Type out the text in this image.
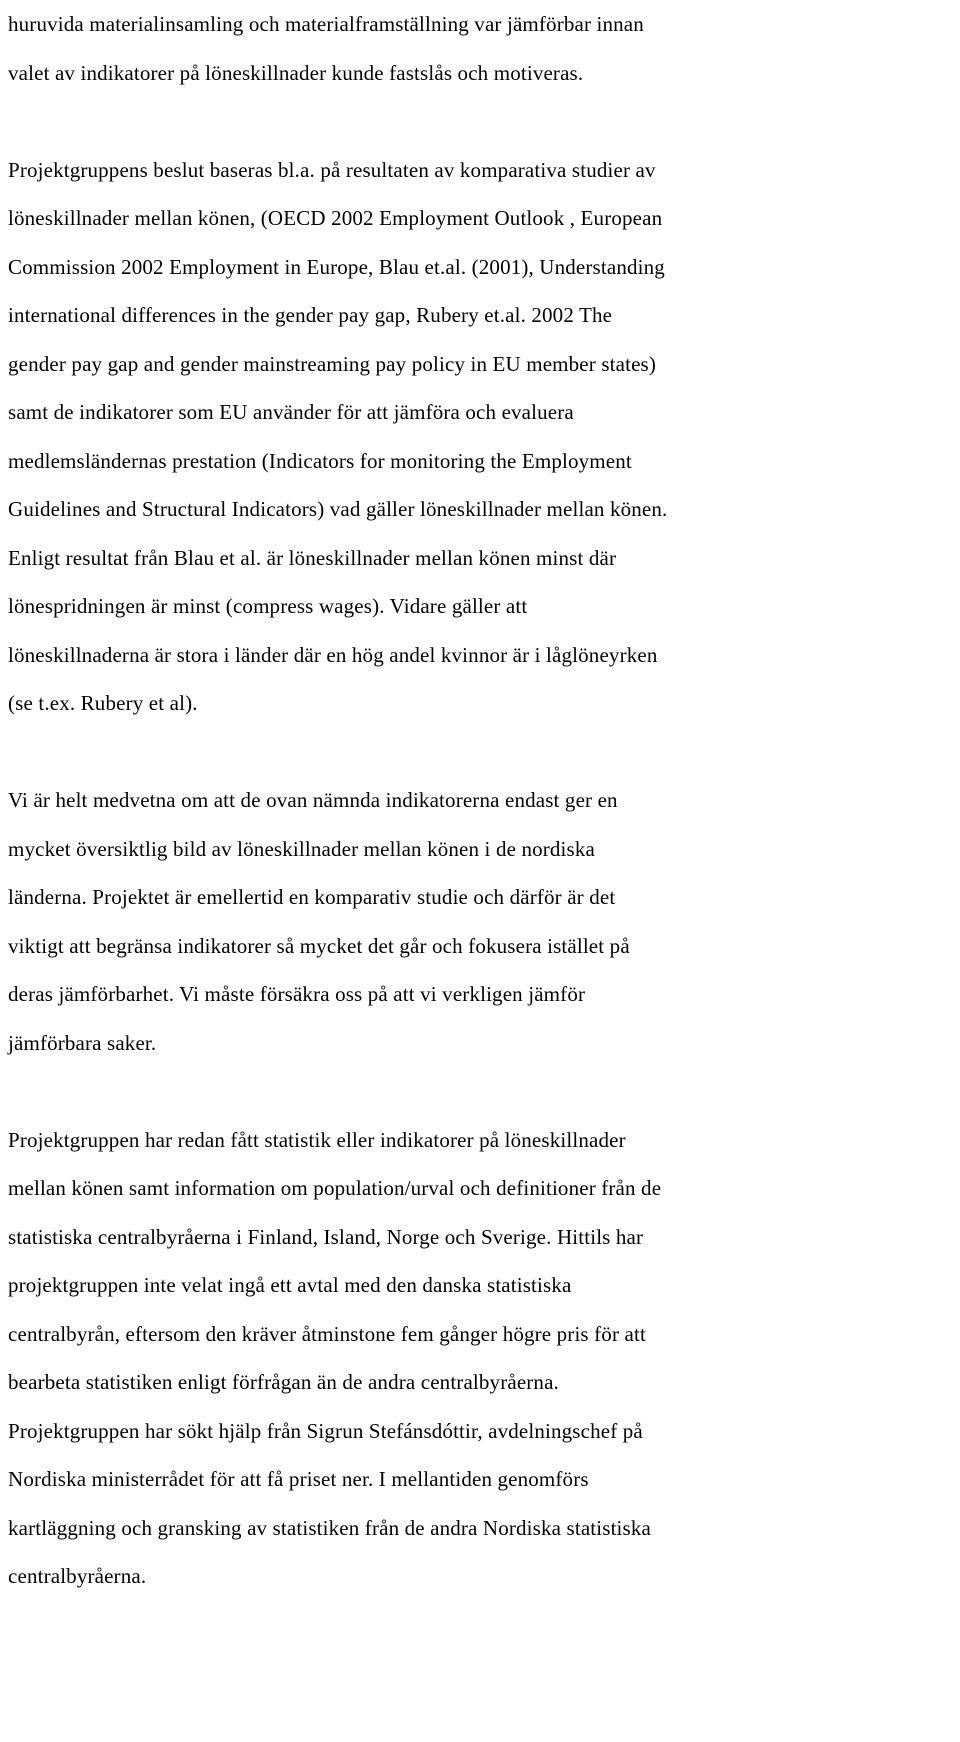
huruvida materialinsamling och materialframställning var jämförbar innan
valet av indikatorer på löneskillnader kunde fastslås och motiveras.
Projektgruppens beslut baseras bl.a. på resultaten av komparativa studier av
löneskillnader mellan könen, (OECD 2002 Employment Outlook , European
Commission 2002 Employment in Europe, Blau et.al. (2001), Understanding
international differences in the gender pay gap, Rubery et.al. 2002 The
gender pay gap and gender mainstreaming pay policy in EU member states)
samt de indikatorer som EU använder för att jämföra och evaluera
medlemsländernas prestation (Indicators for monitoring the Employment
Guidelines and Structural Indicators) vad gäller löneskillnader mellan könen.
Enligt resultat från Blau et al. är löneskillnader mellan könen minst där
lönespridningen är minst (compress wages). Vidare gäller att
löneskillnaderna är stora i länder där en hög andel kvinnor är i låglöneyrken
(se t.ex. Rubery et al).
Vi är helt medvetna om att de ovan nämnda indikatorerna endast ger en
mycket översiktlig bild av löneskillnader mellan könen i de nordiska
länderna. Projektet är emellertid en komparativ studie och därför är det
viktigt att begränsa indikatorer så mycket det går och fokusera istället på
deras jämförbarhet. Vi måste försäkra oss på att vi verkligen jämför
jämförbara saker.
Projektgruppen har redan fått statistik eller indikatorer på löneskillnader
mellan könen samt information om population/urval och definitioner från de
statistiska centralbyråerna i Finland, Island, Norge och Sverige. Hittils har
projektgruppen inte velat ingå ett avtal med den danska statistiska
centralbyrån, eftersom den kräver åtminstone fem gånger högre pris för att
bearbeta statistiken enligt förfrågan än de andra centralbyråerna.
Projektgruppen har sökt hjälp från Sigrun Stefánsdóttir, avdelningschef på
Nordiska ministerrådet för att få priset ner. I mellantiden genomförs
kartläggning och gransking av statistiken från de andra Nordiska statistiska
centralbyråerna.
